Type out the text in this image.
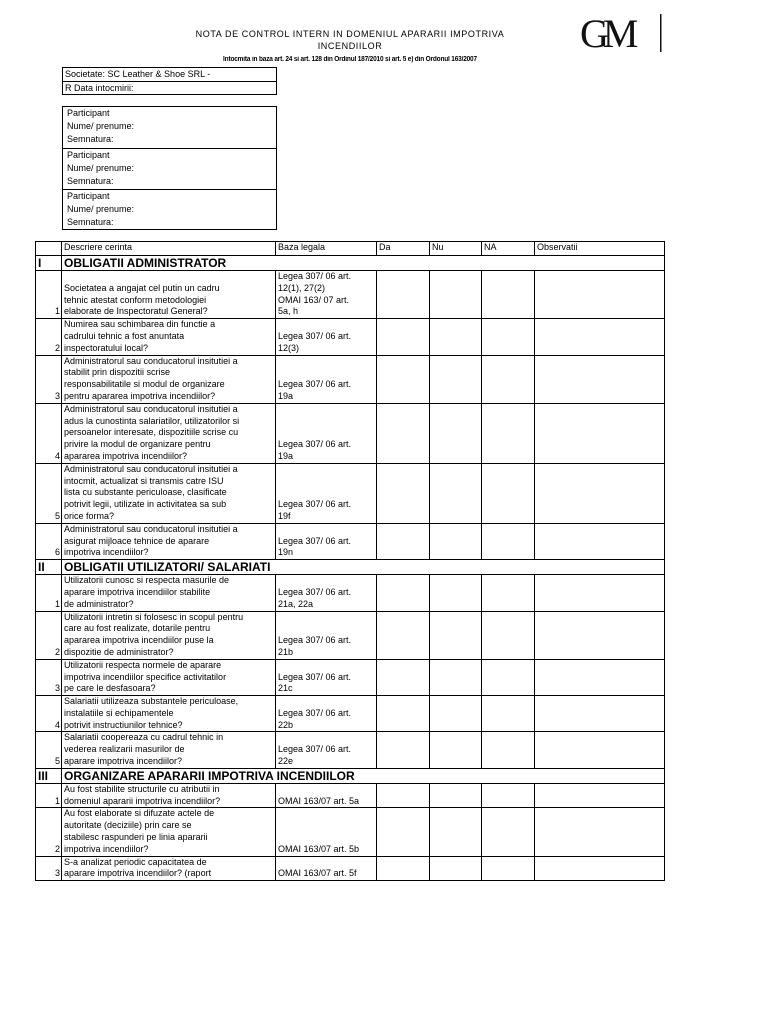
NOTA DE CONTROL INTERN IN DOMENIUL APARARII IMPOTRIVA
INCENDIILOR
Intocmita in baza art. 24 si art. 128 din Ordinul 187/2010 si art. 5 e) din Ordonul 163/2007
GM
Societate: SC Leather & Shoe SRL -
R Data intocmirii:
Participant
Nume/ prenume:
Semnatura:
Participant
Nume/ prenume:
Semnatura:
Participant
Nume/ prenume:
Semnatura:
	Descriere cerinta	Baza legala	Da	Nu	NA	Observatii
I	OBLIGATII ADMINISTRATOR					
1	Societatea a angajat cel putin un cadru
tehnic atestat conform metodologiei
elaborate de Inspectoratul General?	Legea 307/ 06 art.
12(1), 27(2)
OMAI 163/ 07 art.
5a, h				
2	Numirea sau schimbarea din functie a
cadrului tehnic a fost anuntata
inspectoratului local?	Legea 307/ 06 art.
12(3)				
3	Administratorul sau conducatorul insitutiei a
stabilit prin dispozitii scrise
responsabilitatile si modul de organizare
pentru apararea impotriva incendiilor?	Legea 307/ 06 art.
19a				
4	Administratorul sau conducatorul insitutiei a
adus la cunostinta salariatilor, utilizatorilor si
persoanelor interesate, dispozitiile scrise cu
privire la modul de organizare pentru
apararea impotriva incendiilor?	Legea 307/ 06 art.
19a				
5	Administratorul sau conducatorul insitutiei a
intocmit, actualizat si transmis catre ISU
lista cu substante periculoase, clasificate
potrivit legii, utilizate in activitatea sa sub
orice forma?	Legea 307/ 06 art.
19f				
6	Administratorul sau conducatorul insitutiei a
asigurat mijloace tehnice de aparare
impotriva incendiilor?	Legea 307/ 06 art.
19n				
II	OBLIGATII UTILIZATORI/ SALARIATI					
1	Utilizatorii cunosc si respecta masurile de
aparare impotriva incendiilor stabilite
de administrator?	Legea 307/ 06 art.
21a, 22a				
2	Utilizatorii intretin si folosesc in scopul pentru
care au fost realizate, dotarile pentru
apararea impotriva incendiilor puse la
dispozitie de administrator?	Legea 307/ 06 art.
21b				
3	Utilizatorii respecta normele de aparare
impotriva incendiilor specifice activitatilor
pe care le desfasoara?	Legea 307/ 06 art.
21c				
4	Salariatii utilizeaza substantele periculoase,
instalatiile si echipamentele
potrivit instructiunilor tehnice?	Legea 307/ 06 art.
22b				
5	Salariatii coopereaza cu cadrul tehnic in
vederea realizarii masurilor de
aparare impotriva incendiilor?	Legea 307/ 06 art.
22e				
III	ORGANIZARE APARARII IMPOTRIVA INCENDIILOR					
1	Au fost stabilite structurile cu atributii in
domeniul apararii impotriva incendiilor?	OMAI 163/07 art. 5a				
2	Au fost elaborate si difuzate actele de
autoritate (deciziile) prin care se
stabilesc raspunderi pe linia apararii
impotriva incendiilor?	OMAI 163/07 art. 5b				
3	S-a analizat periodic capacitatea de
aparare impotriva incendiilor? (raport	OMAI 163/07 art. 5f				
